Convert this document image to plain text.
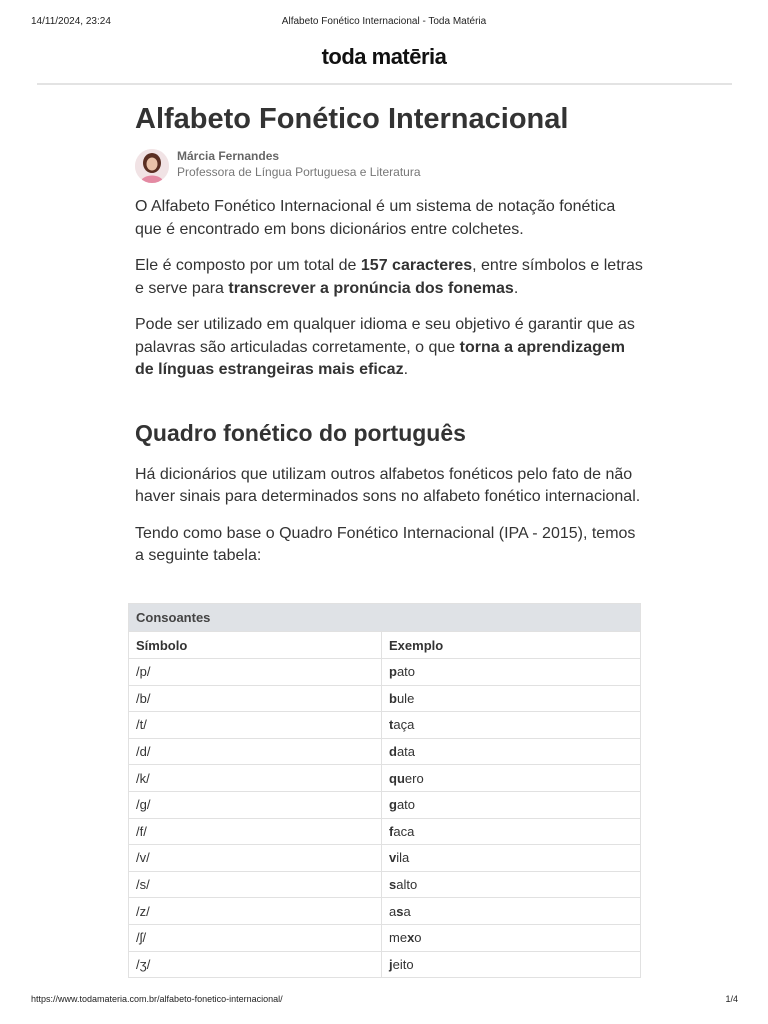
14/11/2024, 23:24	Alfabeto Fonético Internacional - Toda Matéria
toda matēria
Alfabeto Fonético Internacional
Márcia Fernandes
Professora de Língua Portuguesa e Literatura

O Alfabeto Fonético Internacional é um sistema de notação fonética que é encontrado em bons dicionários entre colchetes.

Ele é composto por um total de 157 caracteres, entre símbolos e letras e serve para transcrever a pronúncia dos fonemas.

Pode ser utilizado em qualquer idioma e seu objetivo é garantir que as palavras são articuladas corretamente, o que torna a aprendizagem de línguas estrangeiras mais eficaz.

Quadro fonético do português

Há dicionários que utilizam outros alfabetos fonéticos pelo fato de não haver sinais para determinados sons no alfabeto fonético internacional.

Tendo como base o Quadro Fonético Internacional (IPA - 2015), temos a seguinte tabela:

Consoantes	
Símbolo	Exemplo
/p/	pato
/b/	bule
/t/	taça
/d/	data
/k/	quero
/g/	gato
/f/	faca
/v/	vila
/s/	salto
/z/	asa
/ʃ/	mexo
/ʒ/	jeito
https://www.todamateria.com.br/alfabeto-fonetico-internacional/	1/4
